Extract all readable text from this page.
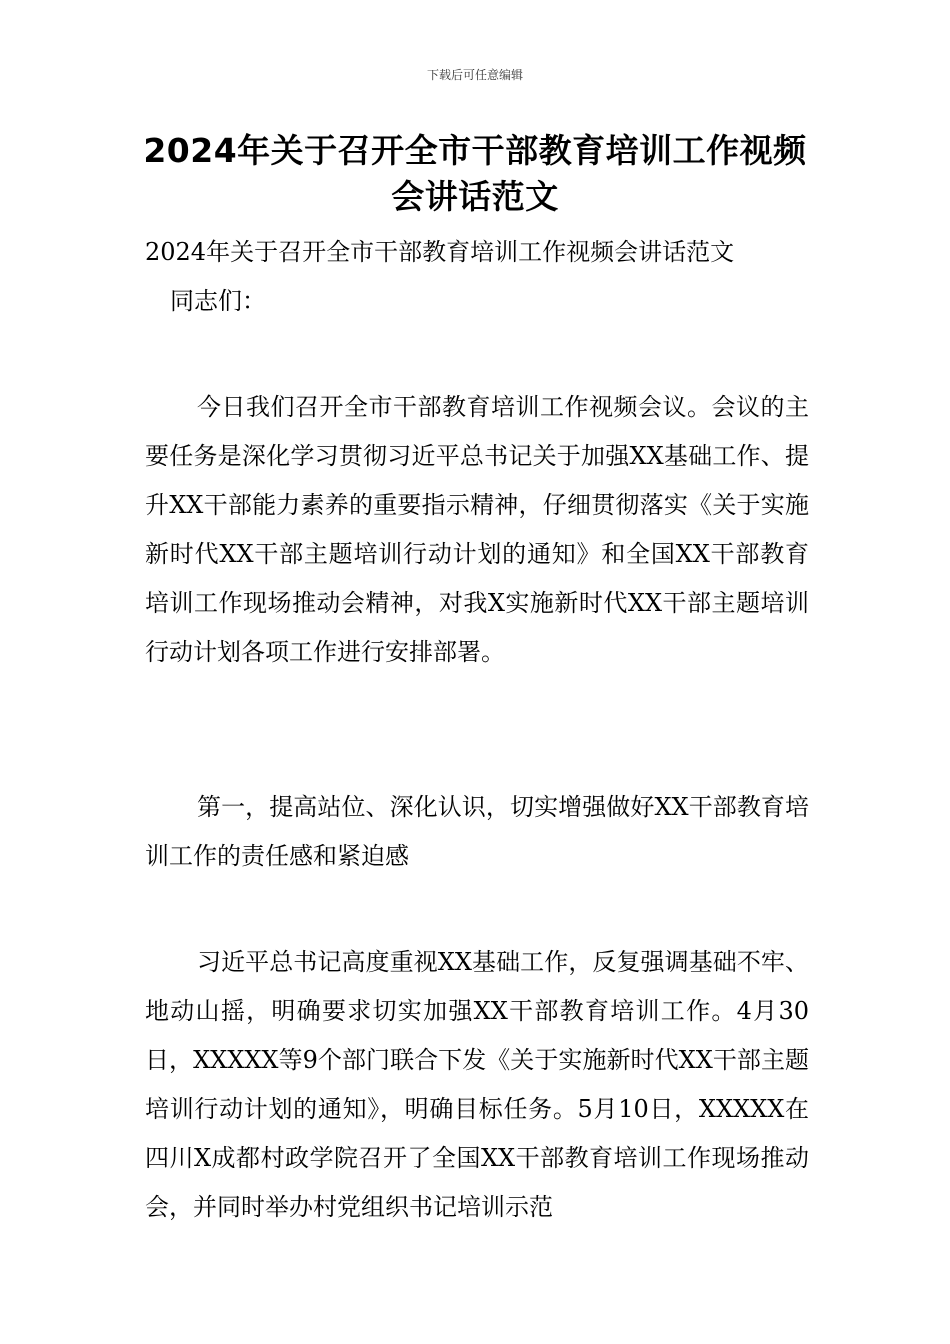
下载后可任意编辑
2024年关于召开全市干部教育培训工作视频会讲话范文

2024年关于召开全市干部教育培训工作视频会讲话范文

同志们：

今日我们召开全市干部教育培训工作视频会议。会议的主要任务是深化学习贯彻习近平总书记关于加强XX基础工作、提升XX干部能力素养的重要指示精神，仔细贯彻落实《关于实施新时代XX干部主题培训行动计划的通知》和全国XX干部教育培训工作现场推动会精神，对我X实施新时代XX干部主题培训行动计划各项工作进行安排部署。

第一，提高站位、深化认识，切实增强做好XX干部教育培训工作的责任感和紧迫感

习近平总书记高度重视XX基础工作，反复强调基础不牢、地动山摇，明确要求切实加强XX干部教育培训工作。4月30日，XXXXX等9个部门联合下发《关于实施新时代XX干部主题培训行动计划的通知》，明确目标任务。5月10日，XXXXX在四川X成都村政学院召开了全国XX干部教育培训工作现场推动会，并同时举办村党组织书记培训示范
